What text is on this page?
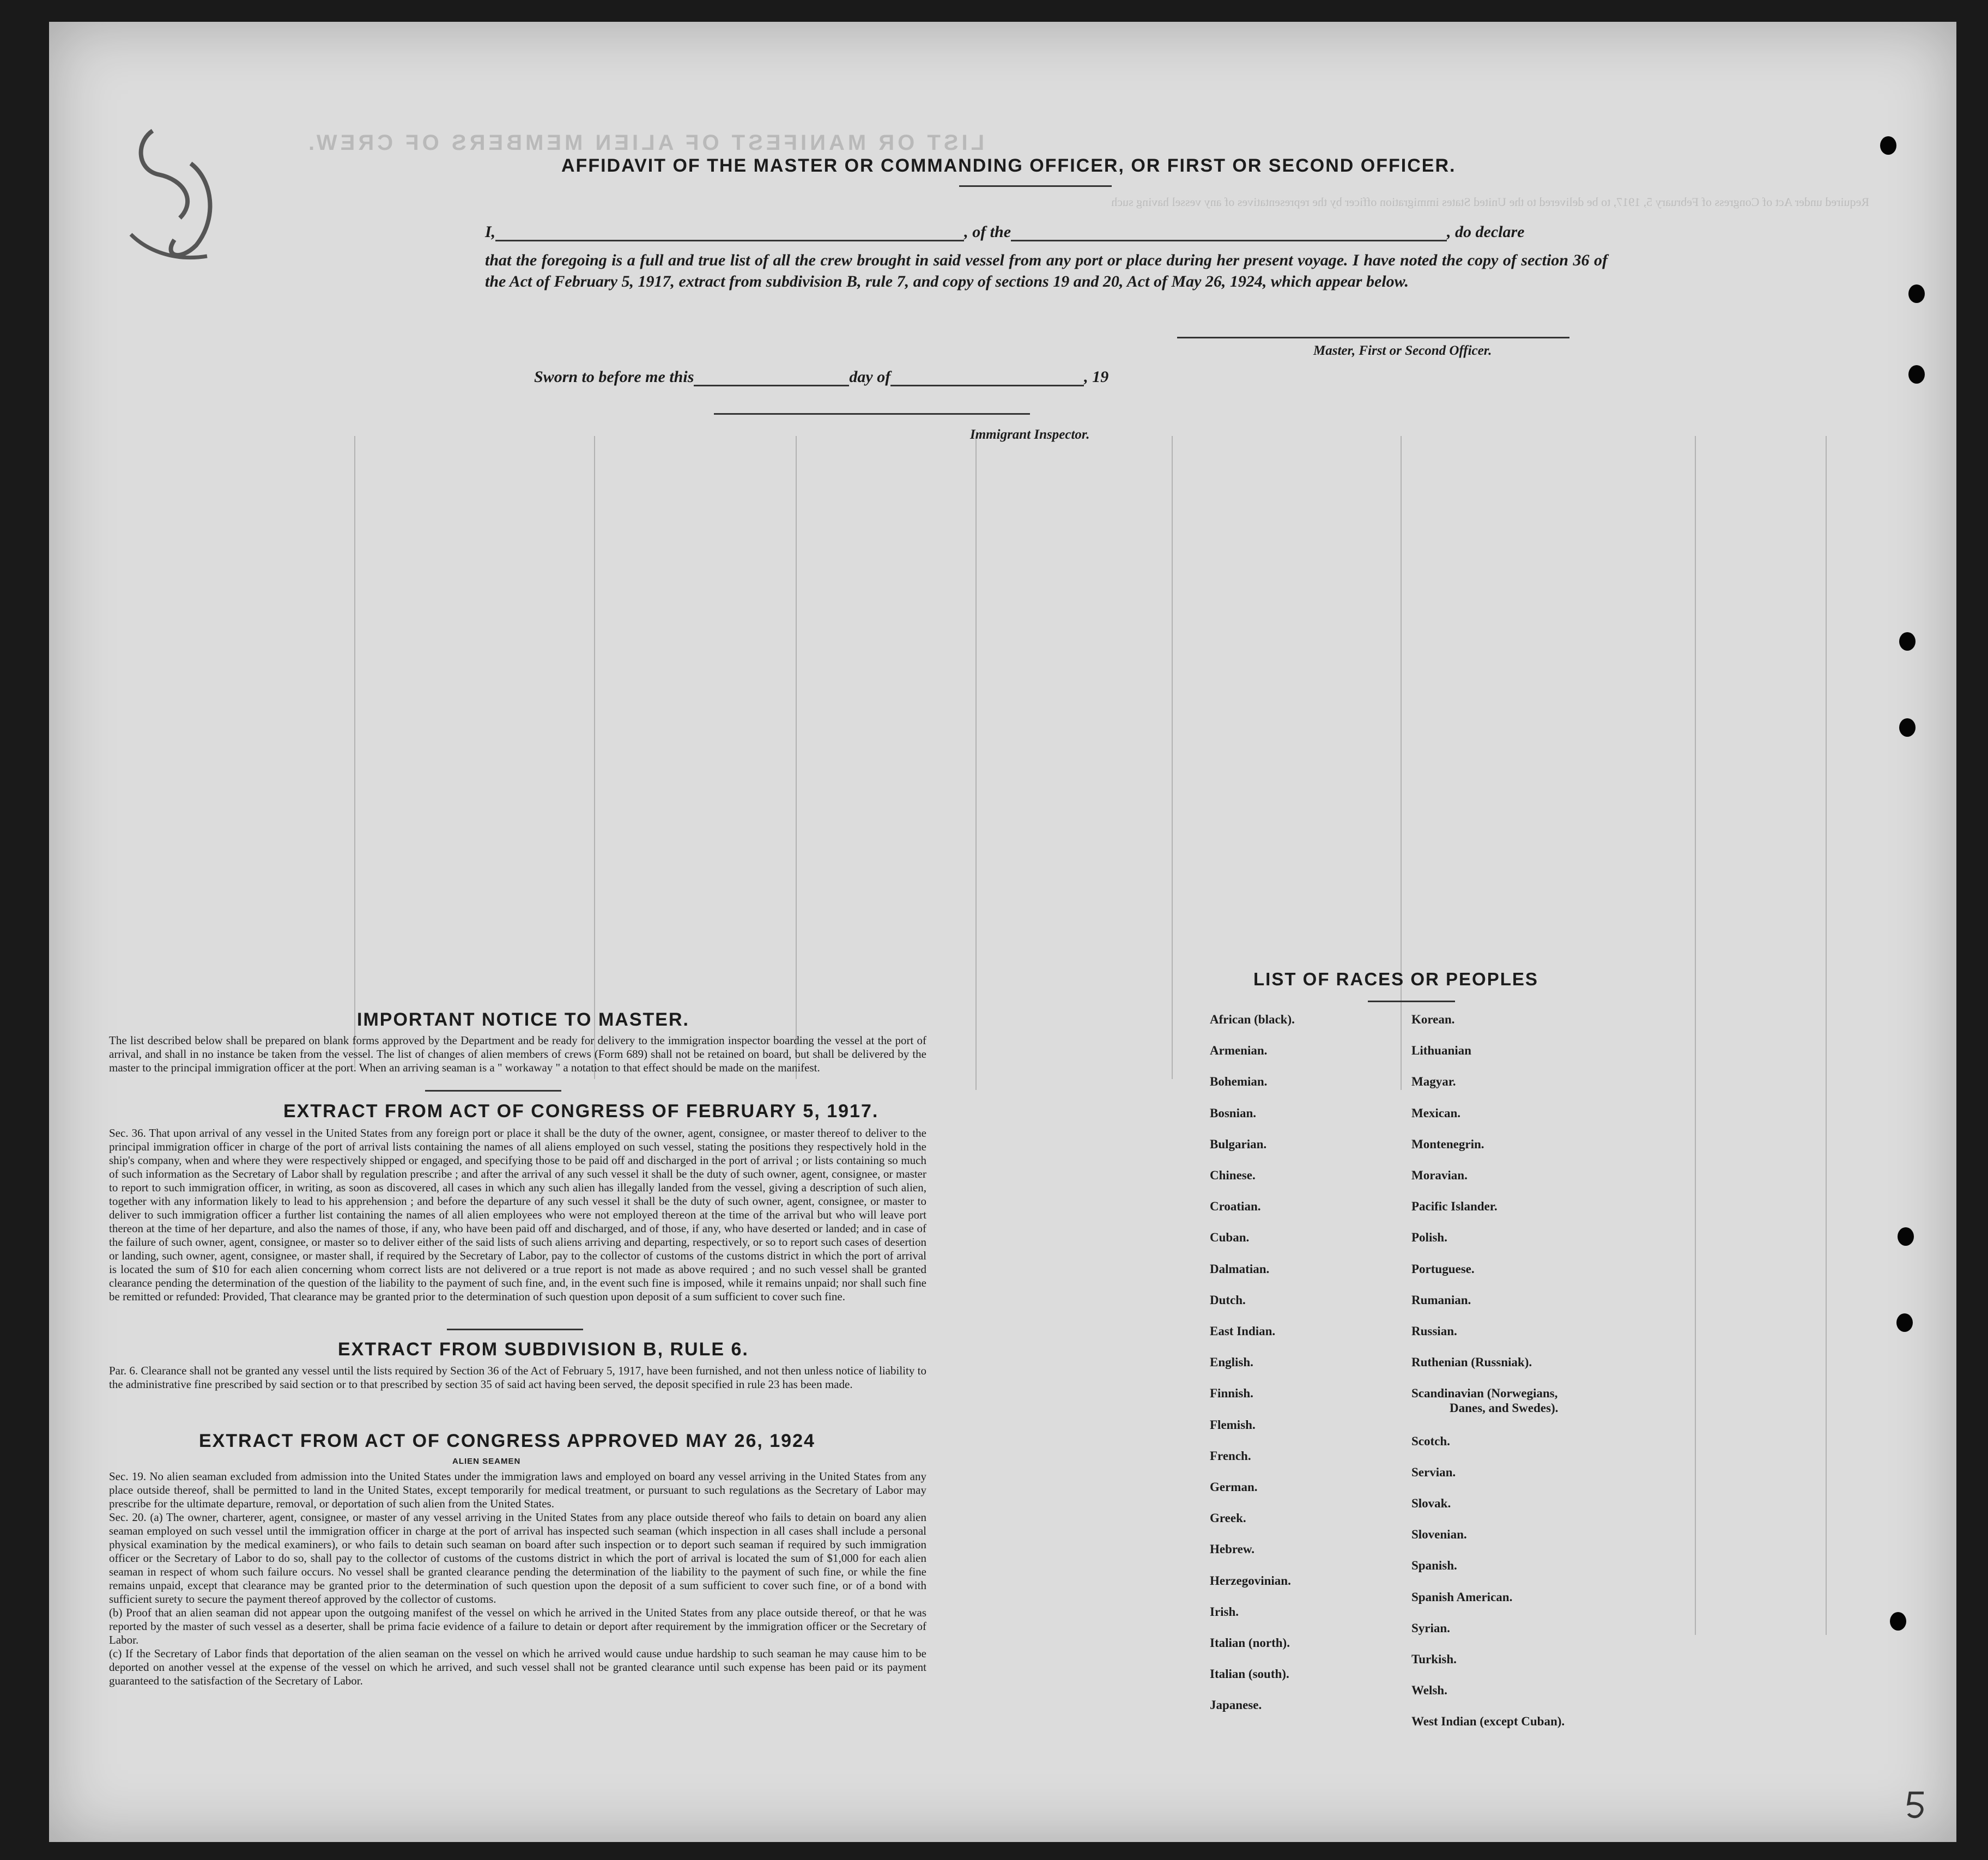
LIST OR MANIFEST OF ALIEN MEMBERS OF CREW.
Required under Act of Congress of February 5, 1917, to be delivered to the United States immigration officer by the representatives of any vessel having such
AFFIDAVIT OF THE MASTER OR COMMANDING OFFICER, OR FIRST OR SECOND OFFICER.
I,	, of the	, do declare
that the foregoing is a full and true list of all the crew brought in said vessel from any port or place during her present voyage. I have noted the copy of section 36 of the Act of February 5, 1917, extract from subdivision B, rule 7, and copy of sections 19 and 20, Act of May 26, 1924, which appear below.
Master, First or Second Officer.
Sworn to before me this	day of	, 19
Immigrant Inspector.
IMPORTANT NOTICE TO MASTER.
The list described below shall be prepared on blank forms approved by the Department and be ready for delivery to the immigration inspector boarding the vessel at the port of arrival, and shall in no instance be taken from the vessel. The list of changes of alien members of crews (Form 689) shall not be retained on board, but shall be delivered by the master to the principal immigration officer at the port. When an arriving seaman is a " workaway " a notation to that effect should be made on the manifest.
EXTRACT FROM ACT OF CONGRESS OF FEBRUARY 5, 1917.
Sec. 36. That upon arrival of any vessel in the United States from any foreign port or place it shall be the duty of the owner, agent, consignee, or master thereof to deliver to the principal immigration officer in charge of the port of arrival lists containing the names of all aliens employed on such vessel, stating the positions they respectively hold in the ship's company, when and where they were respectively shipped or engaged, and specifying those to be paid off and discharged in the port of arrival ; or lists containing so much of such information as the Secretary of Labor shall by regulation prescribe ; and after the arrival of any such vessel it shall be the duty of such owner, agent, consignee, or master to report to such immigration officer, in writing, as soon as discovered, all cases in which any such alien has illegally landed from the vessel, giving a description of such alien, together with any information likely to lead to his apprehension ; and before the departure of any such vessel it shall be the duty of such owner, agent, consignee, or master to deliver to such immigration officer a further list containing the names of all alien employees who were not employed thereon at the time of the arrival but who will leave port thereon at the time of her departure, and also the names of those, if any, who have been paid off and discharged, and of those, if any, who have deserted or landed; and in case of the failure of such owner, agent, consignee, or master so to deliver either of the said lists of such aliens arriving and departing, respectively, or so to report such cases of desertion or landing, such owner, agent, consignee, or master shall, if required by the Secretary of Labor, pay to the collector of customs of the customs district in which the port of arrival is located the sum of $10 for each alien concerning whom correct lists are not delivered or a true report is not made as above required ; and no such vessel shall be granted clearance pending the determination of the question of the liability to the payment of such fine, and, in the event such fine is imposed, while it remains unpaid; nor shall such fine be remitted or refunded: Provided, That clearance may be granted prior to the determination of such question upon deposit of a sum sufficient to cover such fine.
EXTRACT FROM SUBDIVISION B, RULE 6.
Par. 6. Clearance shall not be granted any vessel until the lists required by Section 36 of the Act of February 5, 1917, have been furnished, and not then unless notice of liability to the administrative fine prescribed by said section or to that prescribed by section 35 of said act having been served, the deposit specified in rule 23 has been made.
EXTRACT FROM ACT OF CONGRESS APPROVED MAY 26, 1924
ALIEN SEAMEN
Sec. 19. No alien seaman excluded from admission into the United States under the immigration laws and employed on board any vessel arriving in the United States from any place outside thereof, shall be permitted to land in the United States, except temporarily for medical treatment, or pursuant to such regulations as the Secretary of Labor may prescribe for the ultimate departure, removal, or deportation of such alien from the United States.
Sec. 20. (a) The owner, charterer, agent, consignee, or master of any vessel arriving in the United States from any place outside thereof who fails to detain on board any alien seaman employed on such vessel until the immigration officer in charge at the port of arrival has inspected such seaman (which inspection in all cases shall include a personal physical examination by the medical examiners), or who fails to detain such seaman on board after such inspection or to deport such seaman if required by such immigration officer or the Secretary of Labor to do so, shall pay to the collector of customs of the customs district in which the port of arrival is located the sum of $1,000 for each alien seaman in respect of whom such failure occurs. No vessel shall be granted clearance pending the determination of the liability to the payment of such fine, or while the fine remains unpaid, except that clearance may be granted prior to the determination of such question upon the deposit of a sum sufficient to cover such fine, or of a bond with sufficient surety to secure the payment thereof approved by the collector of customs.
(b) Proof that an alien seaman did not appear upon the outgoing manifest of the vessel on which he arrived in the United States from any place outside thereof, or that he was reported by the master of such vessel as a deserter, shall be prima facie evidence of a failure to detain or deport after requirement by the immigration officer or the Secretary of Labor.
(c) If the Secretary of Labor finds that deportation of the alien seaman on the vessel on which he arrived would cause undue hardship to such seaman he may cause him to be deported on another vessel at the expense of the vessel on which he arrived, and such vessel shall not be granted clearance until such expense has been paid or its payment guaranteed to the satisfaction of the Secretary of Labor.
LIST OF RACES OR PEOPLES
African (black).
Armenian.
Bohemian.
Bosnian.
Bulgarian.
Chinese.
Croatian.
Cuban.
Dalmatian.
Dutch.
East Indian.
English.
Finnish.
Flemish.
French.
German.
Greek.
Hebrew.
Herzegovinian.
Irish.
Italian (north).
Italian (south).
Japanese.
Korean.
Lithuanian
Magyar.
Mexican.
Montenegrin.
Moravian.
Pacific Islander.
Polish.
Portuguese.
Rumanian.
Russian.
Ruthenian (Russniak).
Scandinavian (Norwegians,
Danes, and Swedes).
Scotch.
Servian.
Slovak.
Slovenian.
Spanish.
Spanish American.
Syrian.
Turkish.
Welsh.
West Indian (except Cuban).
